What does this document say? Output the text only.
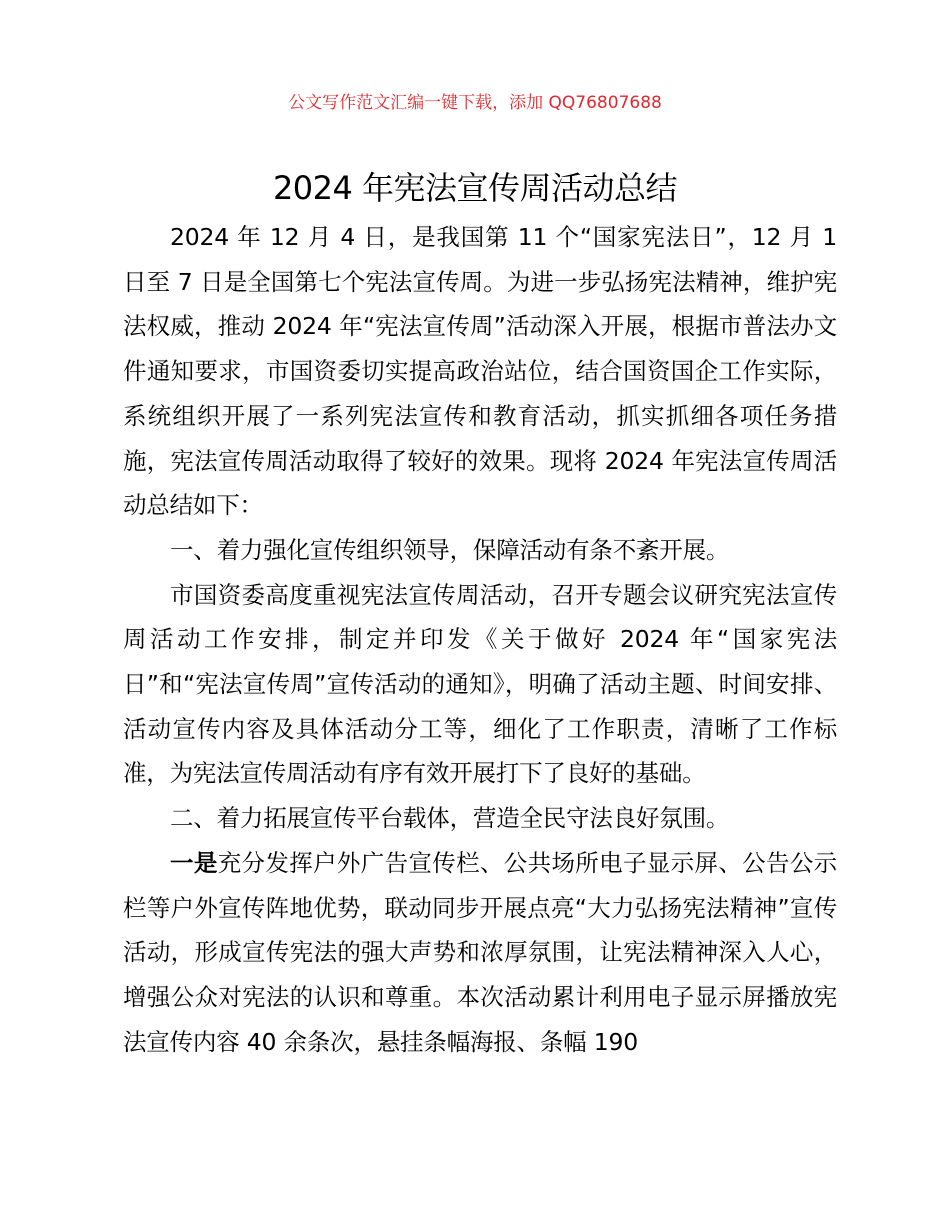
公文写作范文汇编一键下载，添加 QQ76807688
2024 年宪法宣传周活动总结

2024 年 12 月 4 日，是我国第 11 个“国家宪法日”，12 月 1 日至 7 日是全国第七个宪法宣传周。为进一步弘扬宪法精神，维护宪法权威，推动 2024 年“宪法宣传周”活动深入开展，根据市普法办文件通知要求，市国资委切实提高政治站位，结合国资国企工作实际，系统组织开展了一系列宪法宣传和教育活动，抓实抓细各项任务措施，宪法宣传周活动取得了较好的效果。现将 2024 年宪法宣传周活动总结如下：

一、着力强化宣传组织领导，保障活动有条不紊开展。

市国资委高度重视宪法宣传周活动，召开专题会议研究宪法宣传周活动工作安排，制定并印发《关于做好 2024 年“国家宪法日”和“宪法宣传周”宣传活动的通知》，明确了活动主题、时间安排、活动宣传内容及具体活动分工等，细化了工作职责，清晰了工作标准，为宪法宣传周活动有序有效开展打下了良好的基础。

二、着力拓展宣传平台载体，营造全民守法良好氛围。

一是充分发挥户外广告宣传栏、公共场所电子显示屏、公告公示栏等户外宣传阵地优势，联动同步开展点亮“大力弘扬宪法精神”宣传活动，形成宣传宪法的强大声势和浓厚氛围，让宪法精神深入人心，增强公众对宪法的认识和尊重。本次活动累计利用电子显示屏播放宪法宣传内容 40 余条次，悬挂条幅海报、条幅 190
